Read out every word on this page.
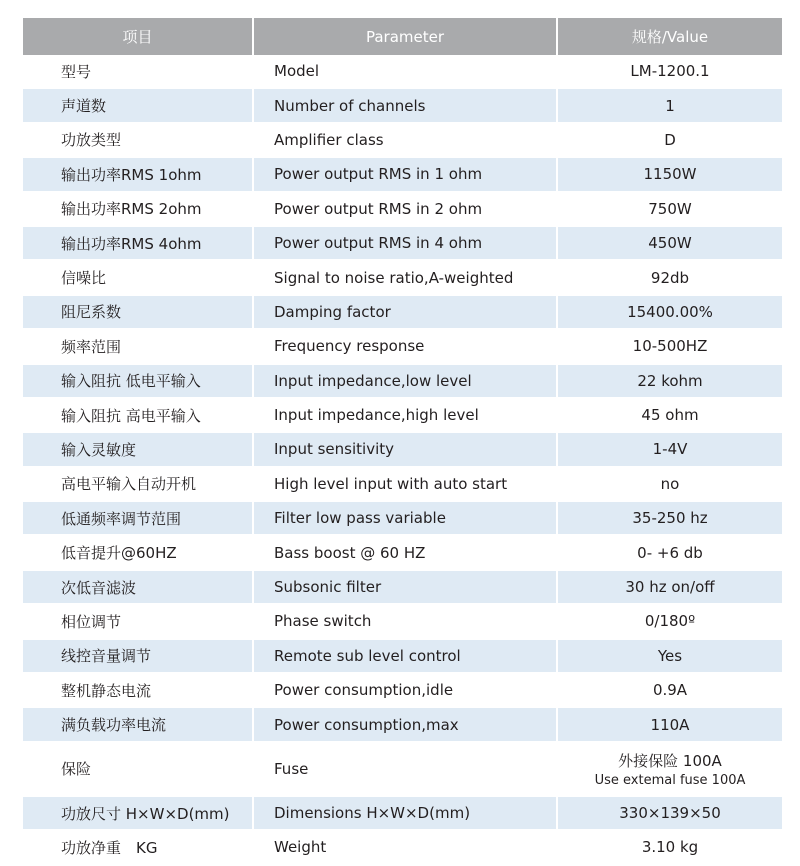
项目	Parameter	规格/Value
型号	Model	LM-1200.1
声道数	Number of channels	1
功放类型	Amplifier class	D
输出功率RMS 1ohm	Power output RMS in 1 ohm	1150W
输出功率RMS 2ohm	Power output RMS in 2 ohm	750W
输出功率RMS 4ohm	Power output RMS in 4 ohm	450W
信噪比	Signal to noise ratio,A-weighted	92db
阻尼系数	Damping factor	15400.00%
频率范围	Frequency response	10-500HZ
输入阻抗 低电平输入	Input impedance,low level	22 kohm
输入阻抗 高电平输入	Input impedance,high level	45 ohm
输入灵敏度	Input sensitivity	1-4V
高电平输入自动开机	High level input with auto start	no
低通频率调节范围	Filter low pass variable	35-250 hz
低音提升@60HZ	Bass boost @ 60 HZ	0- +6 db
次低音滤波	Subsonic filter	30 hz on/off
相位调节	Phase switch	0/180º
线控音量调节	Remote sub level control	Yes
整机静态电流	Power consumption,idle	0.9A
满负载功率电流	Power consumption,max	110A
保险	Fuse	外接保险 100A
Use extemal fuse 100A

功放尺寸 H×W×D(mm)	Dimensions H×W×D(mm)	330×139×50
功放净重　KG	Weight	3.10 kg
